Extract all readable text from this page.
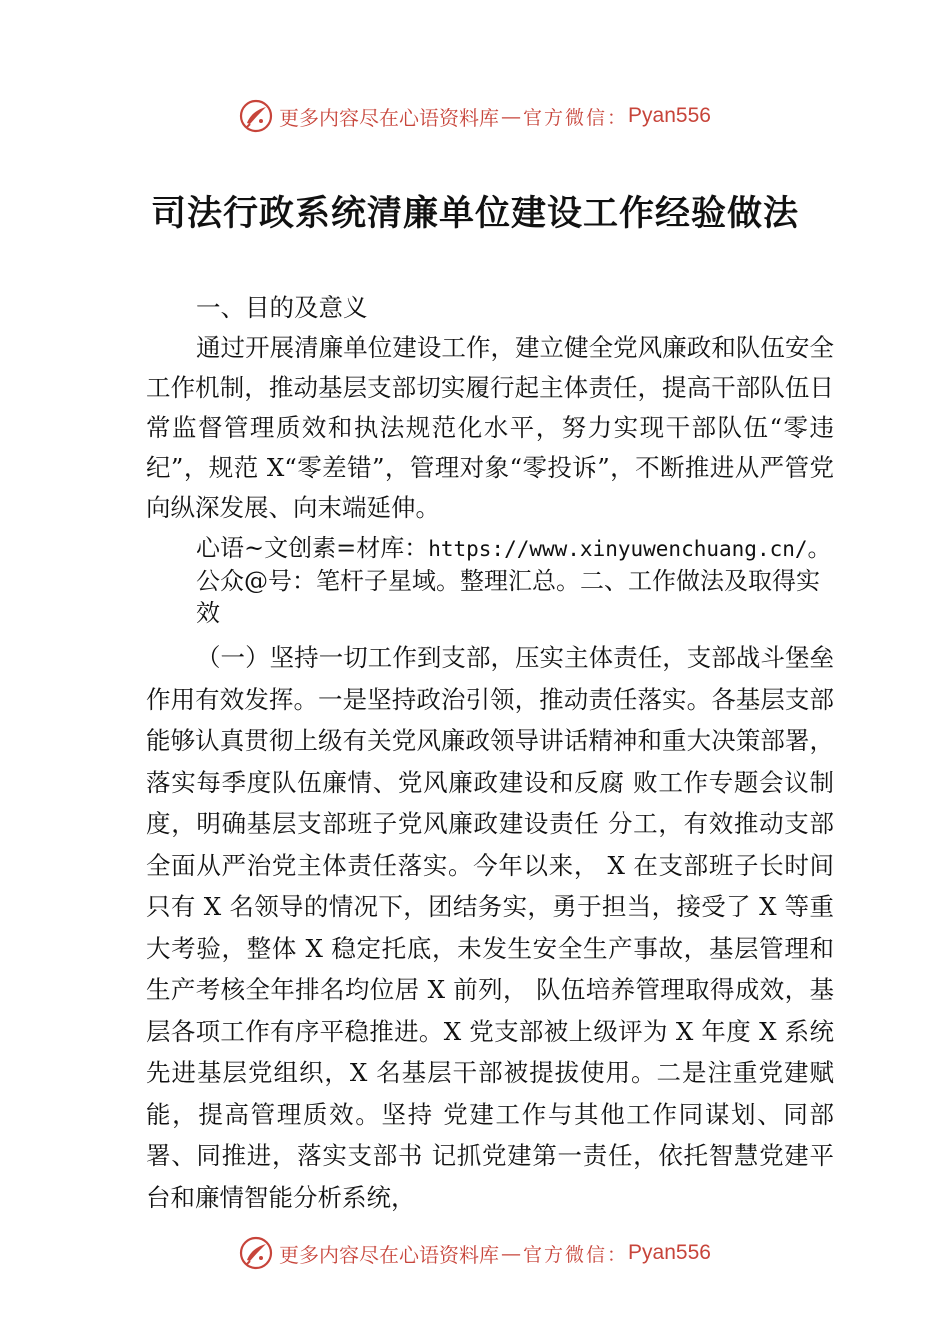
更多内容尽在心语资料库 — 官方微信： Pyan556
司法行政系统清廉单位建设工作经验做法

一、目的及意义

通过开展清廉单位建设工作，建立健全党风廉政和队伍安全工作机制，推动基层支部切实履行起主体责任，提高干部队伍日常监督管理质效和执法规范化水平，努力实现干部队伍“零违纪”，规范 X“零差错”，管理对象“零投诉”，不断推进从严管党向纵深发展、向末端延伸。

心语~文创素=材库：https://www.xinyuwenchuang.cn/。公众@号：笔杆子星域。整理汇总。二、工作做法及取得实效

（一）坚持一切工作到支部，压实主体责任，支部战斗堡垒作用有效发挥。一是坚持政治引领，推动责任落实。各基层支部能够认真贯彻上级有关党风廉政领导讲话精神和重大决策部署，落实每季度队伍廉情、党风廉政建设和反腐 败工作专题会议制度，明确基层支部班子党风廉政建设责任 分工，有效推动支部全面从严治党主体责任落实。今年以来， X 在支部班子长时间只有 X 名领导的情况下，团结务实，勇于担当，接受了 X 等重大考验，整体 X 稳定托底，未发生安全生产事故，基层管理和生产考核全年排名均位居 X 前列， 队伍培养管理取得成效，基层各项工作有序平稳推进。X 党支部被上级评为 X 年度 X 系统先进基层党组织，X 名基层干部被提拔使用。二是注重党建赋能，提高管理质效。坚持 党建工作与其他工作同谋划、同部署、同推进，落实支部书 记抓党建第一责任，依托智慧党建平台和廉情智能分析系统，

更多内容尽在心语资料库 — 官方微信： Pyan556
